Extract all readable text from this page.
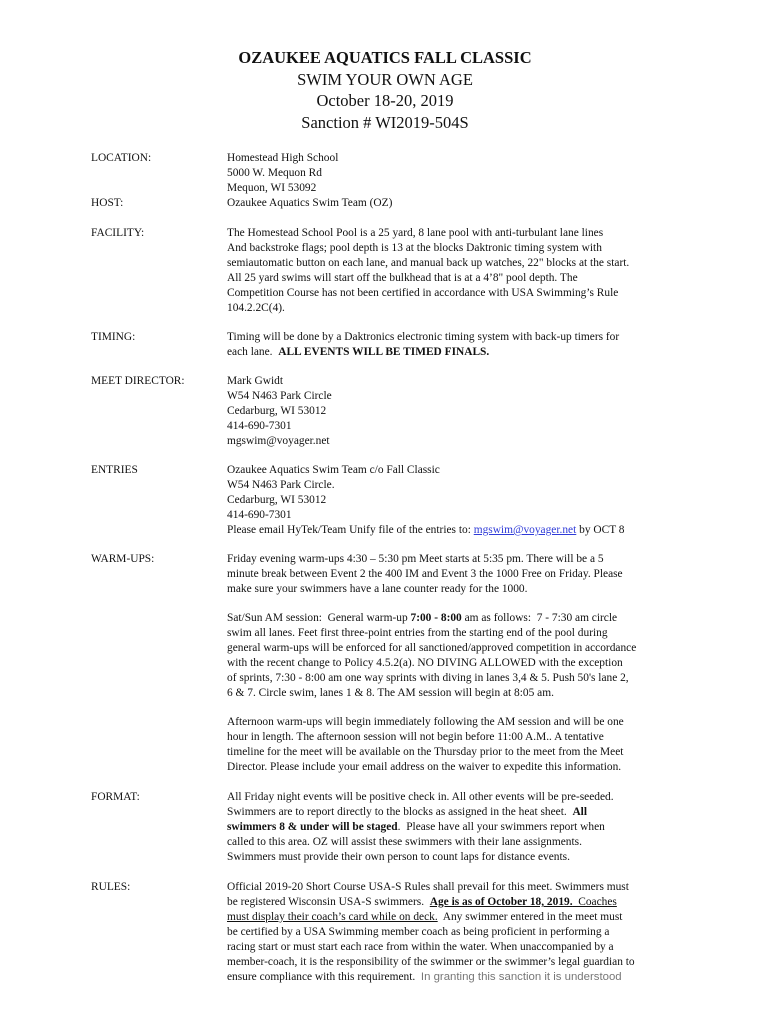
OZAUKEE AQUATICS FALL CLASSIC
SWIM YOUR OWN AGE
October 18-20, 2019
Sanction # WI2019-504S
LOCATION:	Homestead High School
5000 W. Mequon Rd
Mequon, WI 53092
HOST:	Ozaukee Aquatics Swim Team (OZ)
FACILITY:	The Homestead School Pool is a 25 yard, 8 lane pool with anti-turbulant lane lines
And backstroke flags; pool depth is 13 at the blocks Daktronic timing system with
semiautomatic button on each lane, and manual back up watches, 22" blocks at the start.
All 25 yard swims will start off the bulkhead that is at a 4’8" pool depth. The
Competition Course has not been certified in accordance with USA Swimming’s Rule
104.2.2C(4).
TIMING:	Timing will be done by a Daktronics electronic timing system with back-up timers for
each lane.  ALL EVENTS WILL BE TIMED FINALS.
MEET DIRECTOR:	Mark Gwidt
W54 N463 Park Circle
Cedarburg, WI 53012
414-690-7301
mgswim@voyager.net
ENTRIES	Ozaukee Aquatics Swim Team c/o Fall Classic
W54 N463 Park Circle.
Cedarburg, WI 53012
414-690-7301
Please email HyTek/Team Unify file of the entries to: mgswim@voyager.net by OCT 8
WARM-UPS:	Friday evening warm-ups 4:30 – 5:30 pm Meet starts at 5:35 pm. There will be a 5
minute break between Event 2 the 400 IM and Event 3 the 1000 Free on Friday. Please
make sure your swimmers have a lane counter ready for the 1000.
Sat/Sun AM session:  General warm-up 7:00 - 8:00 am as follows:  7 - 7:30 am circle
swim all lanes. Feet first three-point entries from the starting end of the pool during
general warm-ups will be enforced for all sanctioned/approved competition in accordance
with the recent change to Policy 4.5.2(a). NO DIVING ALLOWED with the exception
of sprints, 7:30 - 8:00 am one way sprints with diving in lanes 3,4 & 5. Push 50's lane 2,
6 & 7. Circle swim, lanes 1 & 8. The AM session will begin at 8:05 am.
Afternoon warm-ups will begin immediately following the AM session and will be one
hour in length. The afternoon session will not begin before 11:00 A.M.. A tentative
timeline for the meet will be available on the Thursday prior to the meet from the Meet
Director. Please include your email address on the waiver to expedite this information.
FORMAT:	All Friday night events will be positive check in. All other events will be pre-seeded.
Swimmers are to report directly to the blocks as assigned in the heat sheet.  All
swimmers 8 & under will be staged.  Please have all your swimmers report when
called to this area. OZ will assist these swimmers with their lane assignments.
Swimmers must provide their own person to count laps for distance events.
RULES:	Official 2019-20 Short Course USA-S Rules shall prevail for this meet. Swimmers must
be registered Wisconsin USA-S swimmers.  Age is as of October 18, 2019.  Coaches
must display their coach’s card while on deck.  Any swimmer entered in the meet must
be certified by a USA Swimming member coach as being proficient in performing a
racing start or must start each race from within the water. When unaccompanied by a
member-coach, it is the responsibility of the swimmer or the swimmer’s legal guardian to
ensure compliance with this requirement.  In granting this sanction it is understood
